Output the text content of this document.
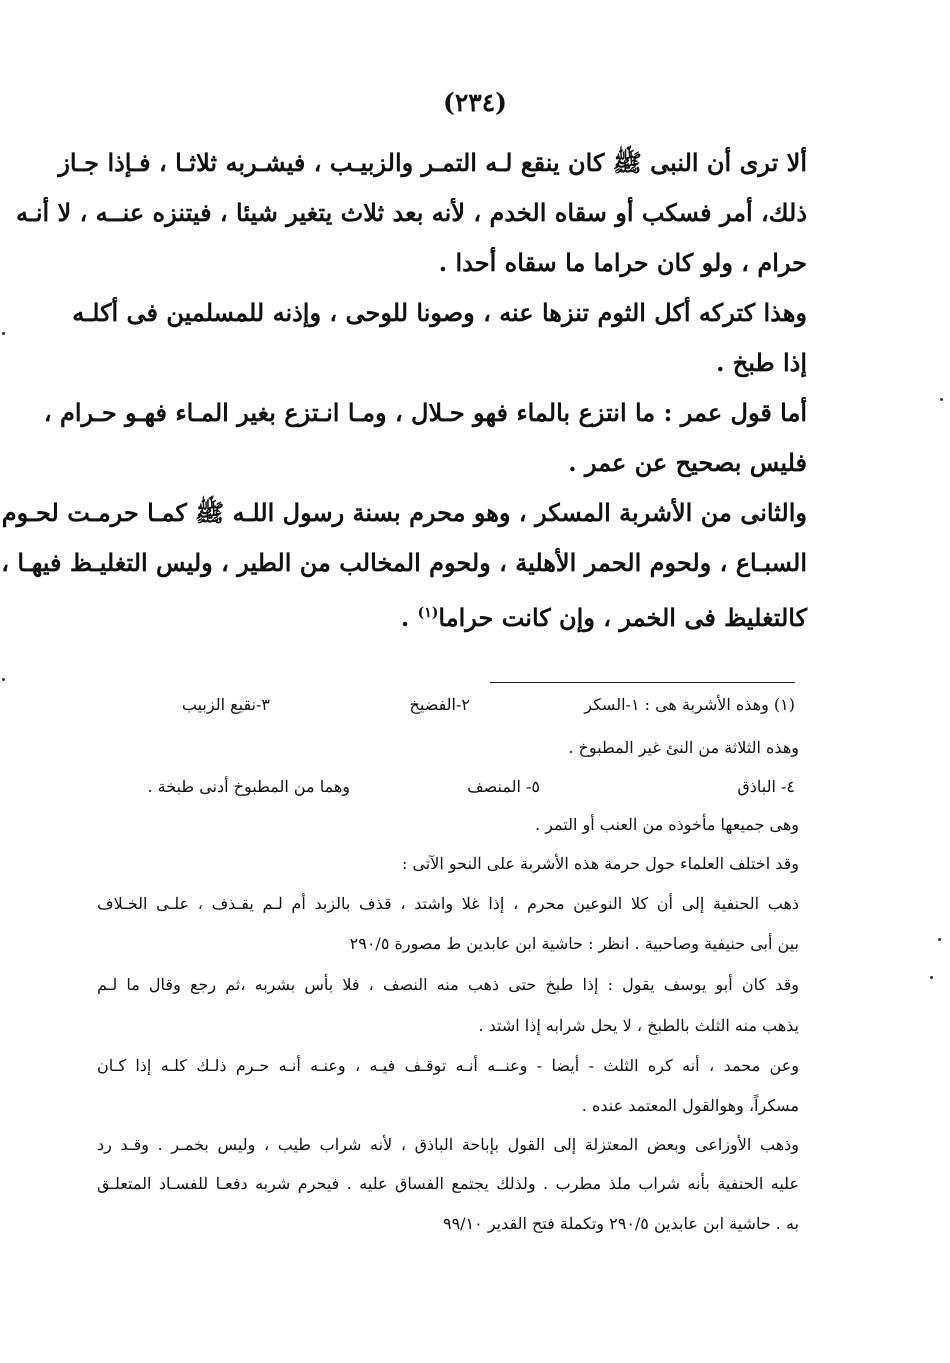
(٢٣٤)
ألا ترى أن النبى ﷺ كان ينقع لـه التمـر والزبيـب ، فيشـربه ثلاثـا ، فـإذا جـاز
ذلك، أمر فسكب أو سقاه الخدم ، لأنه بعد ثلاث يتغير شيئا ، فيتنزه عنــه ، لا أنـه
حرام ، ولو كان حراما ما سقاه أحدا .
وهذا كتركه أكل الثوم تنزها عنه ، وصونا للوحى ، وإذنه للمسلمين فى أكلـه
إذا طبخ .
أما قول عمر : ما انتزع بالماء فهو حـلال ، ومـا انـتزع بغير المـاء فهـو حـرام ،
فليس بصحيح عن عمر .
والثانى من الأشربة المسكر ، وهو محرم بسنة رسول اللـه ﷺ كمـا حرمـت لحـوم
السبـاع ، ولحوم الحمر الأهلية ، ولحوم المخالب من الطير ، وليس التغليـظ فيهـا ،
كالتغليظ فى الخمر ، وإن كانت حراما$^{(١)}$ .
(١) وهذه الأشربة هى : ١-السكر
٢-الفضيخ
٣-نقيع الزبيب
وهذه الثلاثة من النئ غير المطبوخ .
٤- الباذق
٥- المنصف
وهما من المطبوخ أدنى طبخة .
وهى جميعها مأخوذه من العنب أو التمر .
وقد اختلف العلماء حول حرمة هذه الأشربة على النحو الآتى :
ذهب الحنفية إلى أن كلا النوعين محرم ، إذا غلا واشتد ، قذف بالزبد أم لـم يقـذف ، علـى الخـلاف
بين أبى حنيفية وصاحبية . انظر : حاشية ابن عابدين ط مصورة ٢٩٠/٥
وقد كان أبو يوسف يقول : إذا طبخ حتى ذهب منه النصف ، فلا بأس بشربه ،ثم رجع وقال ما لـم
يذهب منه الثلث بالطبخ ، لا يحل شرابه إذا اشتد .
وعن محمد ، أنه كره الثلث - أيضا - وعنــه أنـه توقـف فيـه ، وعنـه أنـه حـرم ذلـك كلـه إذا كـان
مسكراً، وهوالقول المعتمد عنده .
وذهب الأوزاعى وبعض المعتزلة إلى القول بإباحة الباذق ، لأنه شراب طيب ، وليس بخمـر . وقـد رد
عليه الحنفية بأنه شراب ملذ مطرب . ولذلك يجتمع الفساق عليه . فيحرم شربه دفعـا للفسـاد المتعلـق
به . حاشية ابن عابدين ٢٩٠/٥ وتكملة فتح القدير ٩٩/١٠
